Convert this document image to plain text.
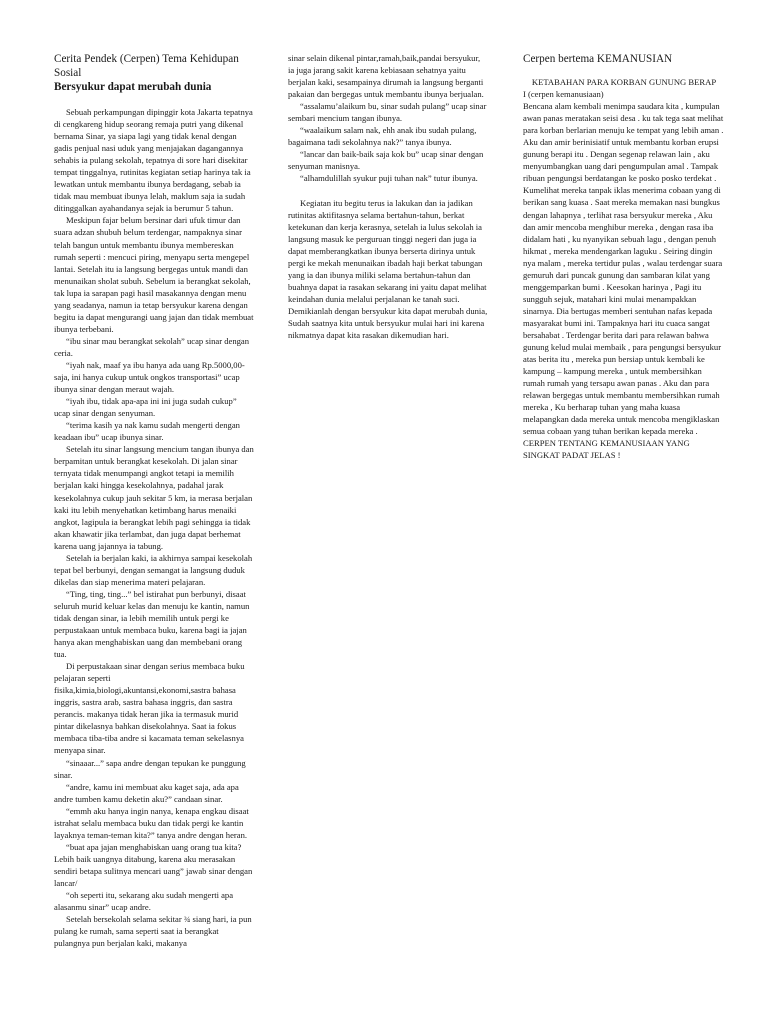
Cerita Pendek (Cerpen) Tema Kehidupan Sosial
Bersyukur dapat merubah dunia

Sebuah perkampungan dipinggir kota Jakarta tepatnya di cengkareng hidup seorang remaja putri yang dikenal bernama Sinar, ya siapa lagi yang tidak kenal dengan gadis penjual nasi uduk yang menjajakan dagangannya sehabis ia pulang sekolah, tepatnya di sore hari disekitar tempat tinggalnya, rutinitas kegiatan setiap harinya tak ia lewatkan untuk membantu ibunya berdagang, sebab ia tidak mau membuat ibunya lelah, maklum saja ia sudah ditinggalkan ayahandanya sejak ia berumur 5 tahun.

Meskipun fajar belum bersinar dari ufuk timur dan suara adzan shubuh belum terdengar, nampaknya sinar telah bangun untuk membantu ibunya membereskan rumah seperti : mencuci piring, menyapu serta mengepel lantai. Setelah itu ia langsung bergegas untuk mandi dan menunaikan sholat subuh. Sebelum ia berangkat sekolah, tak lupa ia sarapan pagi hasil masakannya dengan menu yang seadanya, namun ia tetap bersyukur karena dengan begitu ia dapat mengurangi uang jajan dan tidak membuat ibunya terbebani.

“ibu sinar mau berangkat sekolah” ucap sinar dengan ceria.

“iyah nak, maaf ya ibu hanya ada uang Rp.5000,00- saja, ini hanya cukup untuk ongkos transportasi” ucap ibunya sinar dengan meraut wajah.

“iyah ibu, tidak apa-apa ini ini juga sudah cukup” ucap sinar dengan senyuman.

“terima kasih ya nak kamu sudah mengerti dengan keadaan ibu” ucap ibunya sinar.

Setelah itu sinar langsung mencium tangan ibunya dan berpamitan untuk berangkat kesekolah. Di jalan sinar ternyata tidak menumpangi angkot tetapi ia memilih berjalan kaki hingga kesekolahnya, padahal jarak kesekolahnya cukup jauh sekitar 5 km, ia merasa berjalan kaki itu lebih menyehatkan ketimbang harus menaiki angkot, lagipula ia berangkat lebih pagi sehingga ia tidak akan khawatir jika terlambat, dan juga dapat berhemat karena uang jajannya ia tabung.

Setelah ia berjalan kaki, ia akhirnya sampai kesekolah tepat bel berbunyi, dengan semangat ia langsung duduk dikelas dan siap menerima materi pelajaran.

“Ting, ting, ting...” bel istirahat pun berbunyi, disaat seluruh murid keluar kelas dan menuju ke kantin, namun tidak dengan sinar, ia lebih memilih untuk pergi ke perpustakaan untuk membaca buku, karena bagi ia jajan hanya akan menghabiskan uang dan membebani orang tua.

Di perpustakaan sinar dengan serius membaca buku pelajaran seperti fisika,kimia,biologi,akuntansi,ekonomi,sastra bahasa inggris, sastra arab, sastra bahasa inggris, dan sastra perancis. makanya tidak heran jika ia termasuk murid pintar dikelasnya bahkan disekolahnya. Saat ia fokus membaca tiba-tiba andre si kacamata teman sekelasnya menyapa sinar.

“sinaaar...” sapa andre dengan tepukan ke punggung sinar.

“andre, kamu ini membuat aku kaget saja, ada apa andre tumben kamu deketin aku?” candaan sinar.

“emmh aku hanya ingin nanya, kenapa engkau disaat istrahat selalu membaca buku dan tidak pergi ke kantin layaknya teman-teman kita?” tanya andre dengan heran.

“buat apa jajan menghabiskan uang orang tua kita? Lebih baik uangnya ditabung, karena aku merasakan sendiri betapa sulitnya mencari uang” jawab sinar dengan lancar/

“oh seperti itu, sekarang aku sudah mengerti apa alasanmu sinar” ucap andre.

Setelah bersekolah selama sekitar ¾ siang hari, ia pun pulang ke rumah, sama seperti saat ia berangkat pulangnya pun berjalan kaki, makanya

sinar selain dikenal pintar,ramah,baik,pandai bersyukur, ia juga jarang sakit karena kebiasaan sehatnya yaitu berjalan kaki, sesampainya dirumah ia langsung berganti pakaian dan bergegas untuk membantu ibunya berjualan.

“assalamu’alaikum bu, sinar sudah pulang” ucap sinar sembari mencium tangan ibunya.

“waalaikum salam nak, ehh anak ibu sudah pulang, bagaimana tadi sekolahnya nak?” tanya ibunya.

“lancar dan baik-baik saja kok bu” ucap sinar dengan senyuman manisnya.

“alhamdulillah syukur puji tuhan nak” tutur ibunya.

Kegiatan itu begitu terus ia lakukan dan ia jadikan rutinitas aktifitasnya selama bertahun-tahun, berkat ketekunan dan kerja kerasnya, setelah ia lulus sekolah ia langsung masuk ke perguruan tinggi negeri dan juga ia dapat memberangkatkan ibunya berserta dirinya untuk pergi ke mekah menunaikan ibadah haji berkat tabungan yang ia dan ibunya miliki selama bertahun-tahun dan buahnya dapat ia rasakan sekarang ini yaitu dapat melihat keindahan dunia melalui perjalanan ke tanah suci. Demikianlah dengan bersyukur kita dapat merubah dunia, Sudah saatnya kita untuk bersyukur mulai hari ini karena nikmatnya dapat kita rasakan dikemudian hari.

Cerpen bertema KEMANUSIAN

KETABAHAN PARA KORBAN GUNUNG BERAP

I (cerpen kemanusiaan)

Bencana alam kembali menimpa saudara kita , kumpulan awan panas meratakan seisi desa . ku tak tega saat melihat para korban berlarian menuju ke tempat yang lebih aman . Aku dan amir berinisiatif untuk membantu korban erupsi gunung berapi itu . Dengan segenap relawan lain , aku menyumbangkan uang dari pengumpulan amal . Tampak ribuan pengungsi berdatangan ke posko posko terdekat . Kumelihat mereka tanpak iklas menerima cobaan yang di berikan sang kuasa . Saat mereka memakan nasi bungkus dengan lahapnya , terlihat rasa bersyukur mereka , Aku dan amir mencoba menghibur mereka , dengan rasa iba didalam hati , ku nyanyikan sebuah lagu , dengan penuh hikmat , mereka mendengarkan laguku . Seiring dingin nya malam , mereka tertidur pulas , walau terdengar suara gemuruh dari puncak gunung dan sambaran kilat yang menggemparkan bumi . Keesokan harinya , Pagi itu sungguh sejuk, matahari kini mulai menampakkan sinarnya. Dia bertugas memberi sentuhan nafas kepada masyarakat bumi ini. Tampaknya hari itu cuaca sangat bersahabat . Terdengar berita dari para relawan bahwa gunung kelud mulai membaik , para pengungsi bersyukur atas berita itu , mereka pun bersiap untuk kembali ke kampung – kampung mereka , untuk membersihkan rumah rumah yang tersapu awan panas . Aku dan para relawan bergegas untuk membantu membersihkan rumah mereka , Ku berharap tuhan yang maha kuasa melapangkan dada mereka untuk mencoba mengiklaskan semua cobaan yang tuhan berikan kepada mereka .

CERPEN TENTANG KEMANUSIAAN YANG SINGKAT PADAT JELAS !
